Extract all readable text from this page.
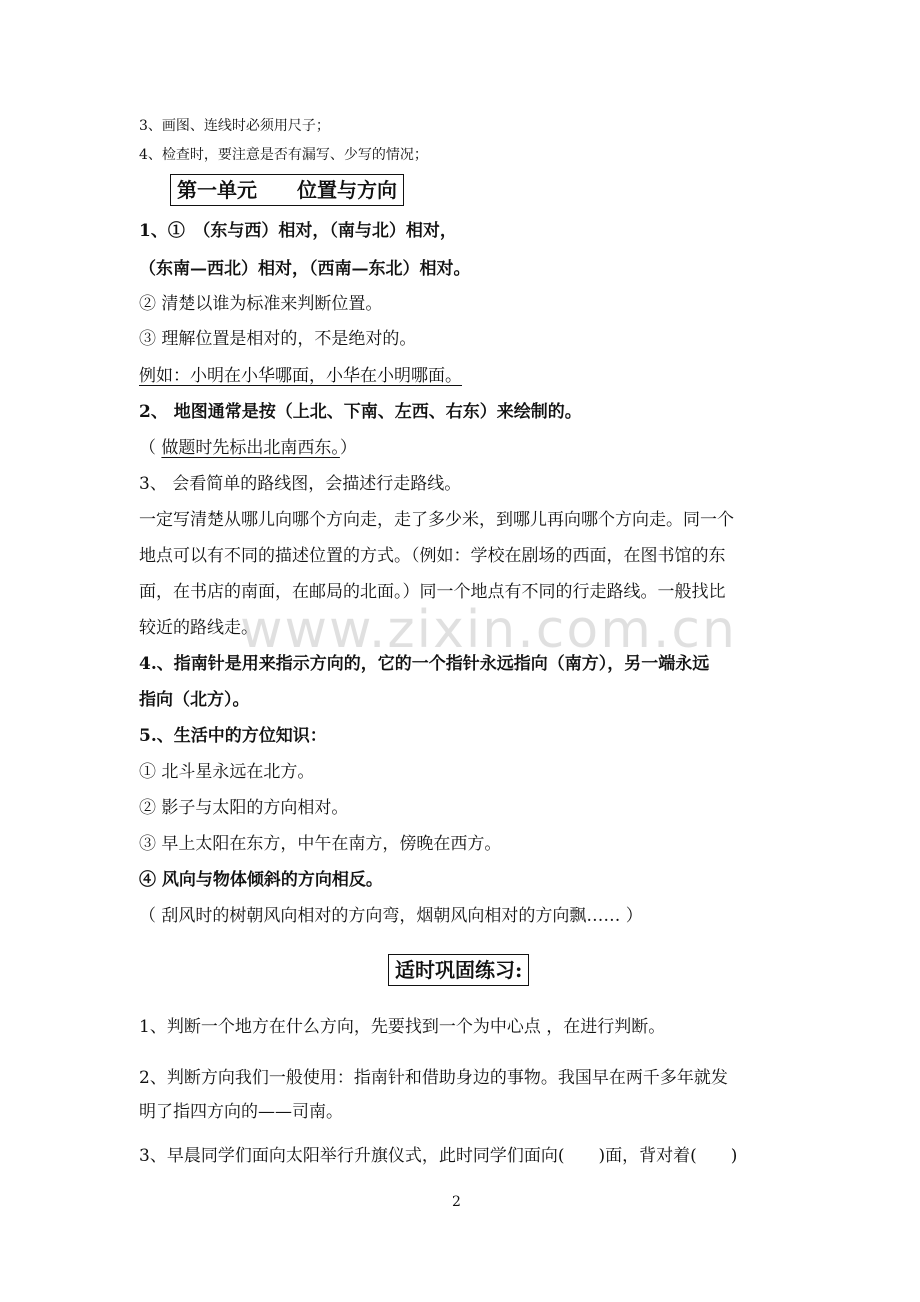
3、画图、连线时必须用尺子；
4、检查时，要注意是否有漏写、少写的情况；
第一单元　　位置与方向
1、①　（东与西）相对，（南与北）相对，
（东南—西北）相对，（西南—东北）相对。
② 清楚以谁为标准来判断位置。
③ 理解位置是相对的，不是绝对的。
例如：小明在小华哪面，小华在小明哪面。
2、 地图通常是按（上北、下南、左西、右东）来绘制的。
（ 做题时先标出北南西东。）
3、 会看简单的路线图，会描述行走路线。
一定写清楚从哪儿向哪个方向走，走了多少米，到哪儿再向哪个方向走。同一个
地点可以有不同的描述位置的方式。（例如：学校在剧场的西面，在图书馆的东
面，在书店的南面，在邮局的北面。）同一个地点有不同的行走路线。一般找比
较近的路线走。
4.、指南针是用来指示方向的，它的一个指针永远指向（南方），另一端永远
指向（北方）。
5.、生活中的方位知识：
① 北斗星永远在北方。
② 影子与太阳的方向相对。
③ 早上太阳在东方，中午在南方，傍晚在西方。
④ 风向与物体倾斜的方向相反。
（ 刮风时的树朝风向相对的方向弯，烟朝风向相对的方向飘…… ）
适时巩固练习:
1、判断一个地方在什么方向，先要找到一个为中心点 ，在进行判断。
2、判断方向我们一般使用：指南针和借助身边的事物。我国早在两千多年就发
明了指四方向的——司南。
3、早晨同学们面向太阳举行升旗仪式，此时同学们面向(　　)面，背对着(　　)
www.zixin.com.cn
2
